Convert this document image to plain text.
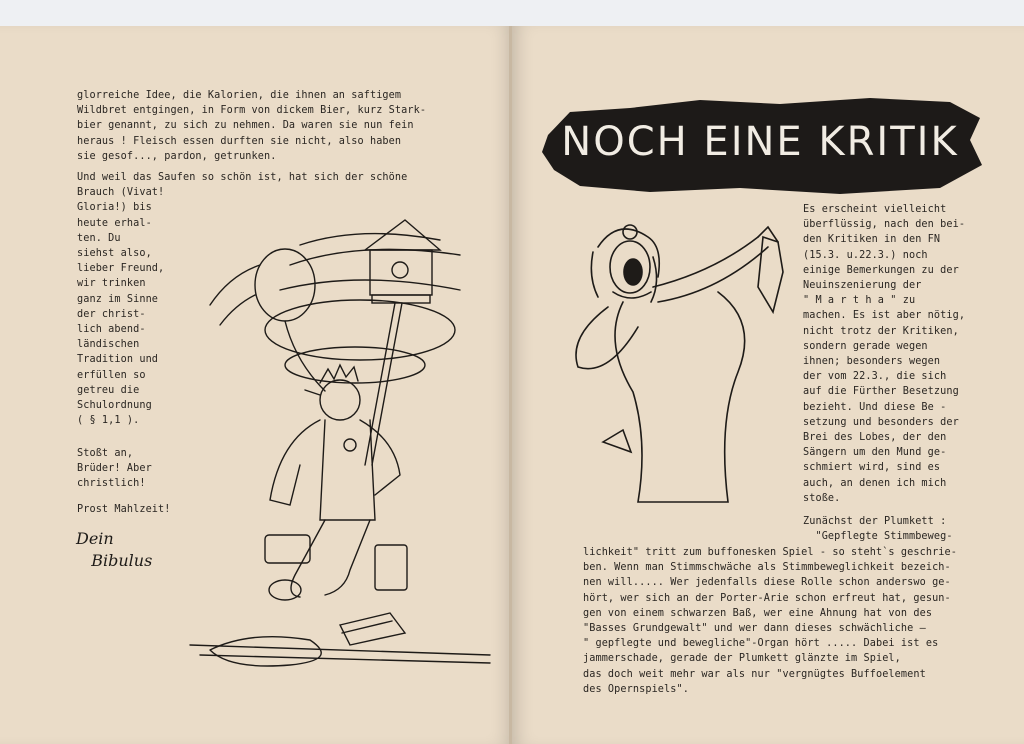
glorreiche Idee, die Kalorien, die ihnen an saftigem
Wildbret entgingen, in Form von dickem Bier, kurz Stark-
bier genannt, zu sich zu nehmen. Da waren sie nun fein
heraus ! Fleisch essen durften sie nicht, also haben
sie gesof..., pardon, getrunken.
Und weil das Saufen so schön ist, hat sich der schöne
Brauch (Vivat!
Gloria!) bis
heute erhal-
ten. Du
siehst also,
lieber Freund,
wir trinken
ganz im Sinne
der christ-
lich abend-
ländischen
Tradition und
erfüllen so
getreu die
Schulordnung
( § 1,1 ).
Stoßt an,
Brüder! Aber
christlich!
Prost Mahlzeit!
Dein
Bibulus
NOCH EINE KRITIK
Es erscheint vielleicht
überflüssig, nach den bei-
den Kritiken in den FN
(15.3. u.22.3.) noch
einige Bemerkungen zu der
Neuinszenierung der
" M a r t h a " zu
machen. Es ist aber nötig,
nicht trotz der Kritiken,
sondern gerade wegen
ihnen; besonders wegen
der vom 22.3., die sich
auf die Fürther Besetzung
bezieht. Und diese Be -
setzung und besonders der
Brei des Lobes, der den
Sängern um den Mund ge-
schmiert wird, sind es
auch, an denen ich mich
stoße.
Zunächst der Plumkett :
"Gepflegte Stimmbeweg-
lichkeit" tritt zum buffonesken Spiel - so steht`s geschrie-
ben. Wenn man Stimmschwäche als Stimmbeweglichkeit bezeich-
nen will..... Wer jedenfalls diese Rolle schon anderswo ge-
hört, wer sich an der Porter-Arie schon erfreut hat, gesun-
gen von einem schwarzen Baß, wer eine Ahnung hat von des
"Basses Grundgewalt" und wer dann dieses schwächliche –
" gepflegte und bewegliche"-Organ hört ..... Dabei ist es
jammerschade, gerade der Plumkett glänzte im Spiel,
das doch weit mehr war als nur "vergnügtes Buffoelement
des Opernspiels".
